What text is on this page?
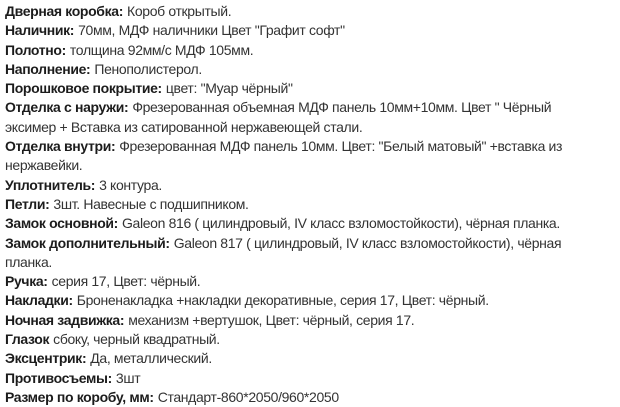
Дверная коробка: Короб открытый.
Наличник: 70мм, МДФ наличники Цвет "Графит софт"
Полотно: толщина 92мм/с МДФ 105мм.
Наполнение: Пенополистерол.
Порошковое покрытие: цвет: "Муар чёрный"
Отделка с наружи: Фрезерованная объемная МДФ панель 10мм+10мм. Цвет " Чёрный
эксимер + Вставка из сатированной нержавеющей стали.
Отделка внутри: Фрезерованная МДФ панель 10мм. Цвет: "Белый матовый" +вставка из
нержавейки.
Уплотнитель: 3 контура.
Петли: 3шт. Навесные с подшипником.
Замок основной: Galeon 816 ( цилиндровый, IV класс взломостойкости), чёрная планка.
Замок дополнительный: Galeon 817 ( цилиндровый, IV класс взломостойкости), чёрная
планка.
Ручка: серия 17, Цвет: чёрный.
Накладки: Броненакладка +накладки декоративные, серия 17, Цвет: чёрный.
Ночная задвижка: механизм +вертушок, Цвет: чёрный, серия 17.
Глазок сбоку, черный квадратный.
Эксцентрик: Да, металлический.
Противосъемы: 3шт
Размер по коробу, мм: Стандарт-860*2050/960*2050
